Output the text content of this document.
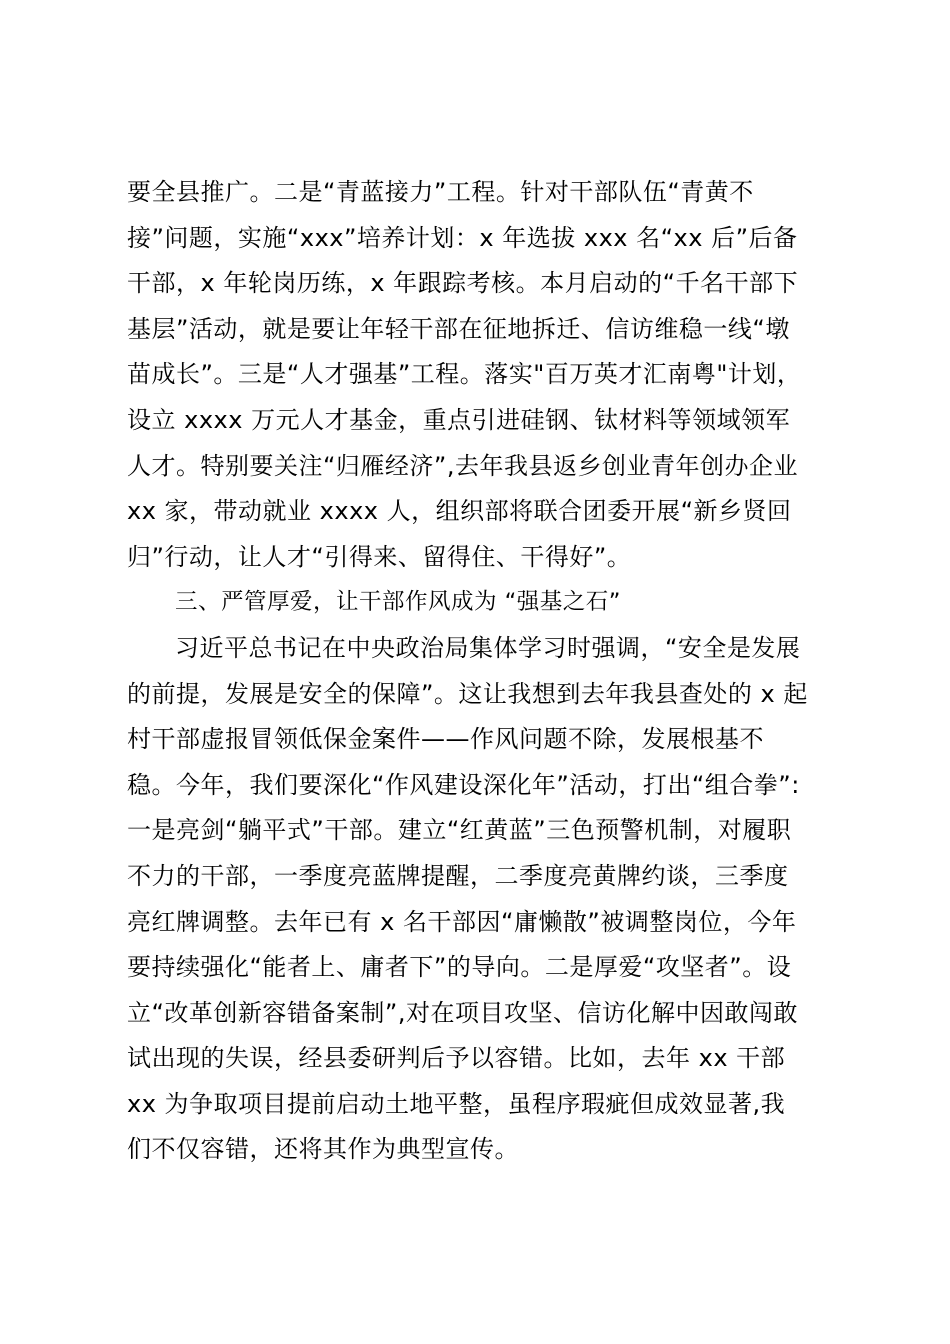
要全县推广。二是“青蓝接力”工程。针对干部队伍“青黄不
接”问题，实施“xxx”培养计划：x 年选拔 xxx 名“xx 后”后备
干部，x 年轮岗历练，x 年跟踪考核。本月启动的“千名干部下
基层”活动，就是要让年轻干部在征地拆迁、信访维稳一线“墩
苗成长”。三是“人才强基”工程。落实"百万英才汇南粤"计划，
设立 xxxx 万元人才基金，重点引进硅钢、钛材料等领域领军
人才。特别要关注“归雁经济”,去年我县返乡创业青年创办企业
xx 家，带动就业 xxxx 人，组织部将联合团委开展“新乡贤回
归”行动，让人才“引得来、留得住、干得好”。
三、严管厚爱，让干部作风成为 “强基之石”
习近平总书记在中央政治局集体学习时强调，“安全是发展
的前提，发展是安全的保障”。这让我想到去年我县查处的 x 起
村干部虚报冒领低保金案件——作风问题不除，发展根基不
稳。今年，我们要深化“作风建设深化年”活动，打出“组合拳”:
一是亮剑“躺平式”干部。建立“红黄蓝”三色预警机制，对履职
不力的干部，一季度亮蓝牌提醒，二季度亮黄牌约谈，三季度
亮红牌调整。去年已有 x 名干部因“庸懒散”被调整岗位，今年
要持续强化“能者上、庸者下”的导向。二是厚爱“攻坚者”。设
立“改革创新容错备案制”,对在项目攻坚、信访化解中因敢闯敢
试出现的失误，经县委研判后予以容错。比如，去年 xx 干部
xx 为争取项目提前启动土地平整，虽程序瑕疵但成效显著,我
们不仅容错，还将其作为典型宣传。
